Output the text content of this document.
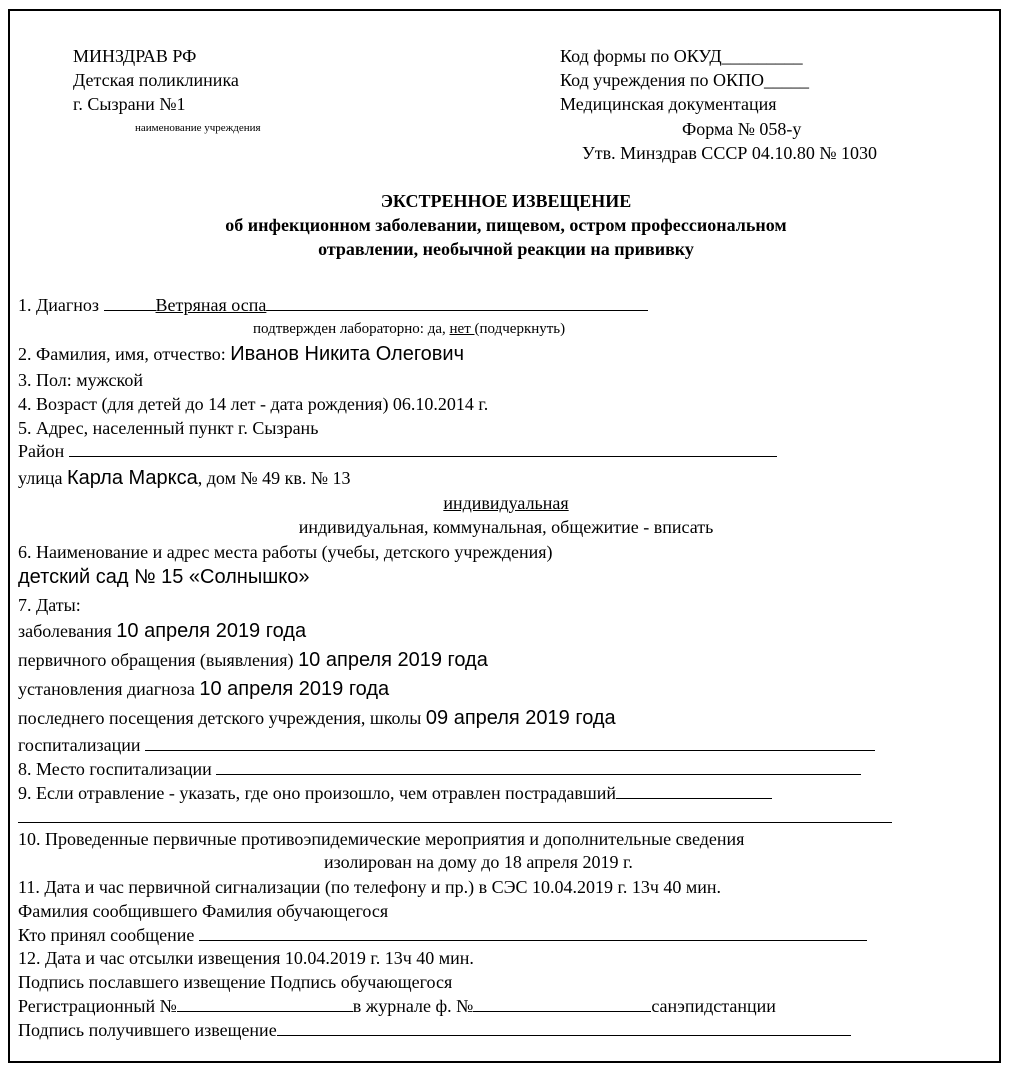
МИНЗДРАВ РФ
Детская поликлиника
г. Сызрани №1
наименование учреждения
Код формы по ОКУД_________
Код учреждения по ОКПО_____
Медицинская документация
Форма № 058-у
Утв. Минздрав СССР 04.10.80 № 1030
ЭКСТРЕННОЕ ИЗВЕЩЕНИЕ
об инфекционном заболевании, пищевом, остром профессиональном
отравлении, необычной реакции на прививку
1. Диагноз	Ветряная оспа
подтвержден лабораторно: да, нет (подчеркнуть)
2. Фамилия, имя, отчество: Иванов Никита Олегович
3. Пол: мужской
4. Возраст (для детей до 14 лет - дата рождения) 06.10.2014 г.
5. Адрес, населенный пункт г. Сызрань
Район
улица Карла Маркса, дом № 49 кв. № 13
индивидуальная
индивидуальная, коммунальная, общежитие - вписать
6. Наименование и адрес места работы (учебы, детского учреждения)
детский сад № 15 «Солнышко»
7. Даты:
заболевания 10 апреля 2019 года
первичного обращения (выявления) 10 апреля 2019 года
установления диагноза 10 апреля 2019 года
последнего посещения детского учреждения, школы 09 апреля 2019 года
госпитализации
8. Место госпитализации
9. Если отравление - указать, где оно произошло, чем отравлен пострадавший
10. Проведенные первичные противоэпидемические мероприятия и дополнительные сведения
изолирован на дому до 18 апреля 2019 г.
11. Дата и час первичной сигнализации (по телефону и пр.) в СЭС 10.04.2019 г. 13ч 40 мин.
Фамилия сообщившего Фамилия обучающегося
Кто принял сообщение
12. Дата и час отсылки извещения 10.04.2019 г. 13ч 40 мин.
Подпись пославшего извещение Подпись обучающегося
Регистрационный №	в журнале ф. №	санэпидстанции
Подпись получившего извещение
